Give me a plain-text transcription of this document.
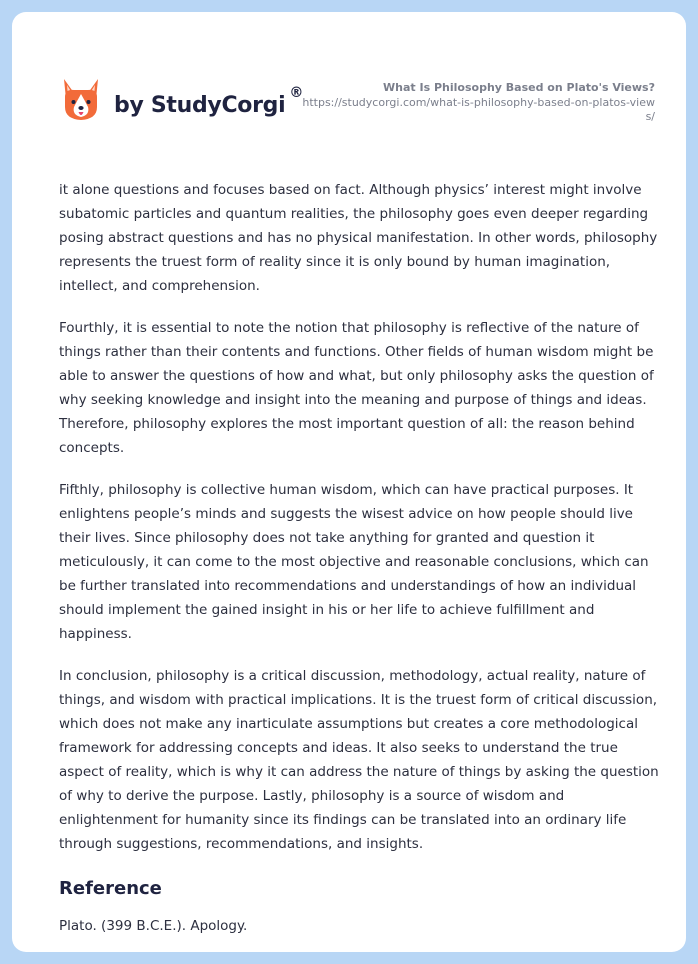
by StudyCorgi ®	What Is Philosophy Based on Plato's Views?
https://studycorgi.com/what-is-philosophy-based-on-platos-views/

it alone questions and focuses based on fact. Although physics’ interest might involve subatomic particles and quantum realities, the philosophy goes even deeper regarding posing abstract questions and has no physical manifestation. In other words, philosophy represents the truest form of reality since it is only bound by human imagination, intellect, and comprehension.

Fourthly, it is essential to note the notion that philosophy is reflective of the nature of things rather than their contents and functions. Other fields of human wisdom might be able to answer the questions of how and what, but only philosophy asks the question of why seeking knowledge and insight into the meaning and purpose of things and ideas. Therefore, philosophy explores the most important question of all: the reason behind concepts.

Fifthly, philosophy is collective human wisdom, which can have practical purposes. It enlightens people’s minds and suggests the wisest advice on how people should live their lives. Since philosophy does not take anything for granted and question it meticulously, it can come to the most objective and reasonable conclusions, which can be further translated into recommendations and understandings of how an individual should implement the gained insight in his or her life to achieve fulfillment and happiness.

In conclusion, philosophy is a critical discussion, methodology, actual reality, nature of things, and wisdom with practical implications. It is the truest form of critical discussion, which does not make any inarticulate assumptions but creates a core methodological framework for addressing concepts and ideas. It also seeks to understand the true aspect of reality, which is why it can address the nature of things by asking the question of why to derive the purpose. Lastly, philosophy is a source of wisdom and enlightenment for humanity since its findings can be translated into an ordinary life through suggestions, recommendations, and insights.

Reference
Plato. (399 B.C.E.). Apology.
